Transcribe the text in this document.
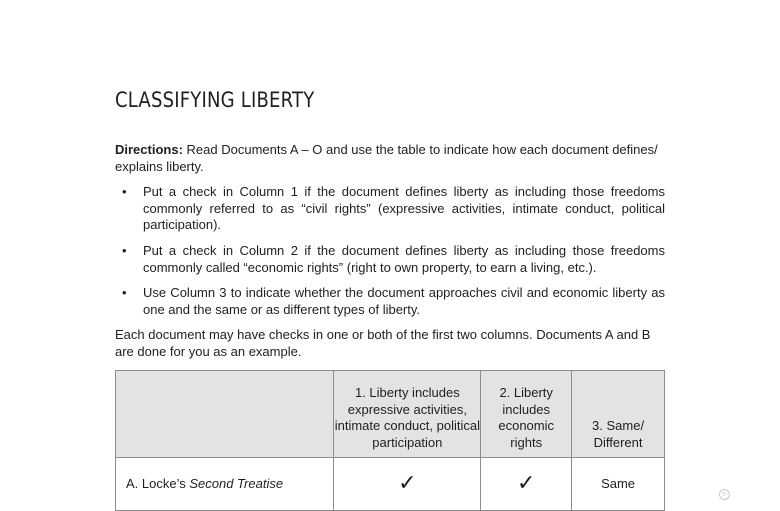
CLASSIFYING LIBERTY
Directions: Read Documents A – O and use the table to indicate how each document defines/ explains liberty.
• Put a check in Column 1 if the document defines liberty as including those freedoms commonly referred to as “civil rights” (expressive activities, intimate conduct, political participation).
• Put a check in Column 2 if the document defines liberty as including those freedoms commonly called “economic rights” (right to own property, to earn a living, etc.).
• Use Column 3 to indicate whether the document approaches civil and economic liberty as one and the same or as different types of liberty.
Each document may have checks in one or both of the first two columns. Documents A and B are done for you as an example.
	1. Liberty includes expressive activities, intimate conduct, political participation	2. Liberty includes economic rights	3. Same/ Different
A. Locke’s Second Treatise	✓	✓	Same
©
